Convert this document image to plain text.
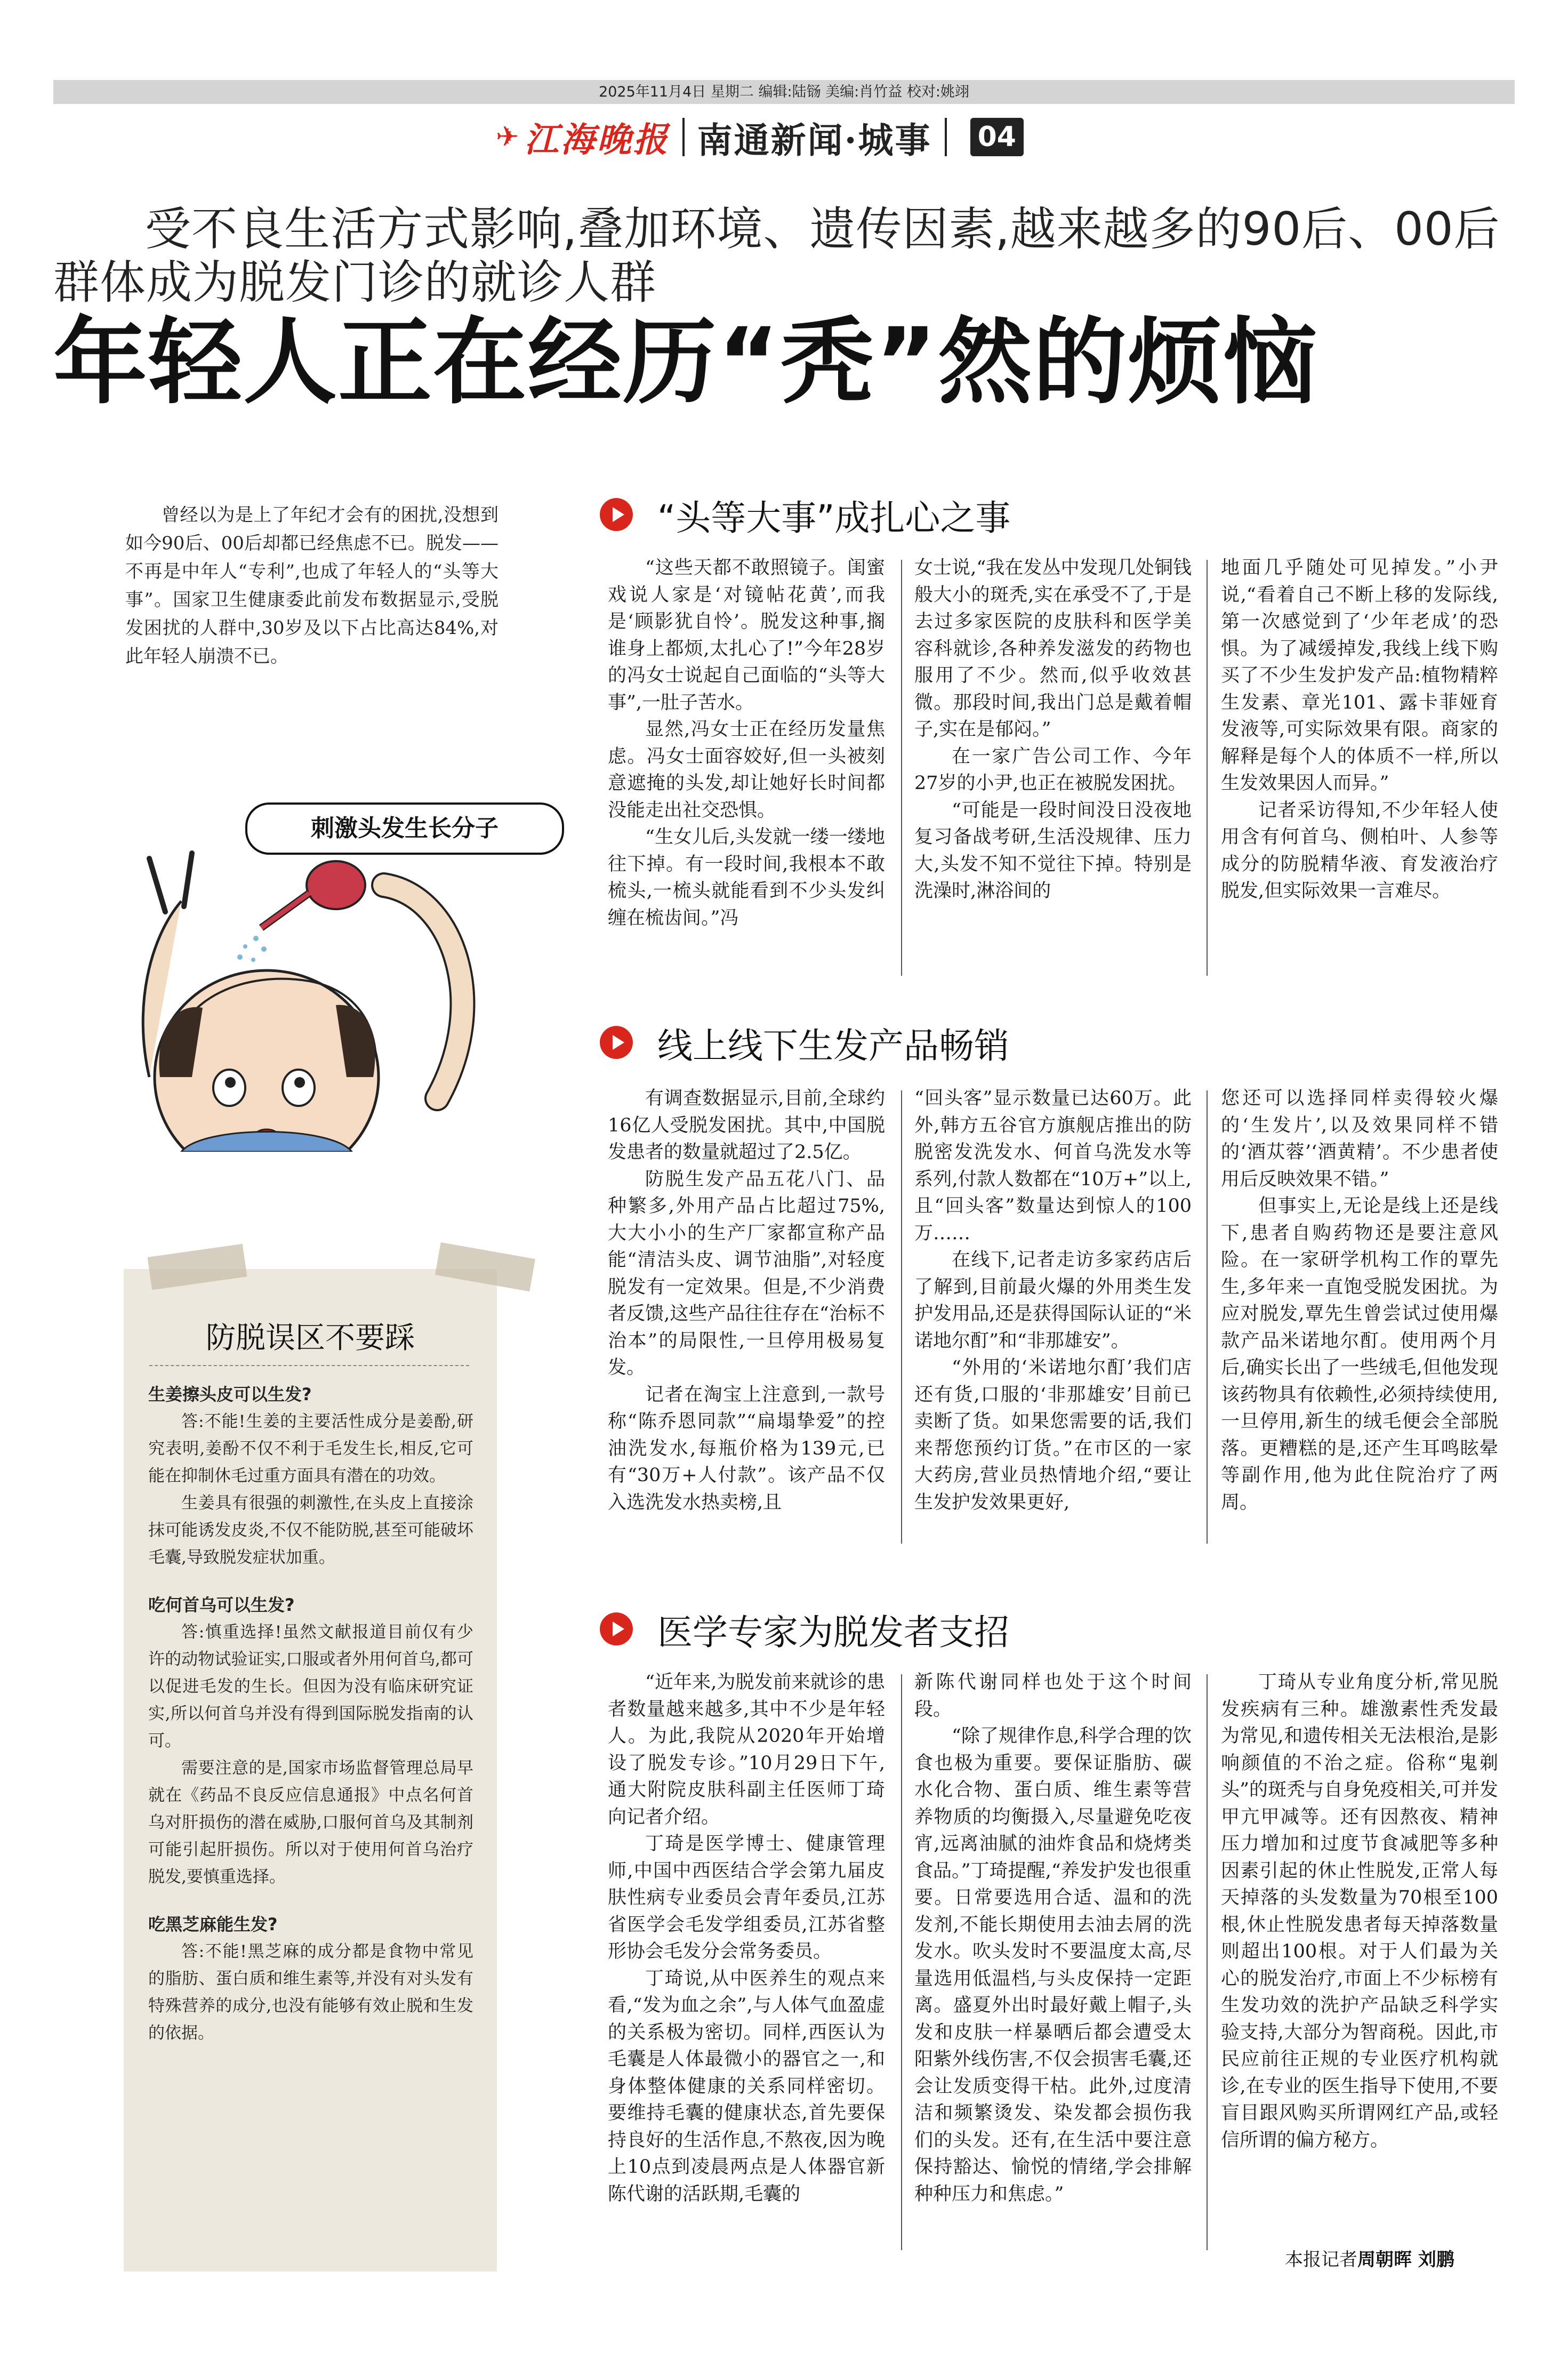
2025年11月4日 星期二 编辑:陆铴 美编:肖竹益 校对:姚翊
✈ 江海晚报 南通新闻·城事 04
受不良生活方式影响,叠加环境、遗传因素,越来越多的90后、00后群体成为脱发门诊的就诊人群
年轻人正在经历“秃”然的烦恼

曾经以为是上了年纪才会有的困扰,没想到如今90后、00后却都已经焦虑不已。脱发——不再是中年人“专利”,也成了年轻人的“头等大事”。国家卫生健康委此前发布数据显示,受脱发困扰的人群中,30岁及以下占比高达84%,对此年轻人崩溃不已。

刺激头发生长分子
“头等大事”成扎心之事

“这些天都不敢照镜子。闺蜜戏说人家是‘对镜帖花黄’,而我是‘顾影犹自怜’。脱发这种事,搁谁身上都烦,太扎心了!”今年28岁的冯女士说起自己面临的“头等大事”,一肚子苦水。

显然,冯女士正在经历发量焦虑。冯女士面容姣好,但一头被刻意遮掩的头发,却让她好长时间都没能走出社交恐惧。

“生女儿后,头发就一缕一缕地往下掉。有一段时间,我根本不敢梳头,一梳头就能看到不少头发纠缠在梳齿间。”冯

女士说,“我在发丛中发现几处铜钱般大小的斑秃,实在承受不了,于是去过多家医院的皮肤科和医学美容科就诊,各种养发滋发的药物也服用了不少。然而,似乎收效甚微。那段时间,我出门总是戴着帽子,实在是郁闷。”

在一家广告公司工作、今年27岁的小尹,也正在被脱发困扰。

“可能是一段时间没日没夜地复习备战考研,生活没规律、压力大,头发不知不觉往下掉。特别是洗澡时,淋浴间的

地面几乎随处可见掉发。”小尹说,“看着自己不断上移的发际线,第一次感觉到了‘少年老成’的恐惧。为了减缓掉发,我线上线下购买了不少生发护发产品:植物精粹生发素、章光101、露卡菲娅育发液等,可实际效果有限。商家的解释是每个人的体质不一样,所以生发效果因人而异。”

记者采访得知,不少年轻人使用含有何首乌、侧柏叶、人参等成分的防脱精华液、育发液治疗脱发,但实际效果一言难尽。

线上线下生发产品畅销

有调查数据显示,目前,全球约16亿人受脱发困扰。其中,中国脱发患者的数量就超过了2.5亿。

防脱生发产品五花八门、品种繁多,外用产品占比超过75%,大大小小的生产厂家都宣称产品能“清洁头皮、调节油脂”,对轻度脱发有一定效果。但是,不少消费者反馈,这些产品往往存在“治标不治本”的局限性,一旦停用极易复发。

记者在淘宝上注意到,一款号称“陈乔恩同款”“扁塌挚爱”的控油洗发水,每瓶价格为139元,已有“30万+人付款”。该产品不仅入选洗发水热卖榜,且

“回头客”显示数量已达60万。此外,韩方五谷官方旗舰店推出的防脱密发洗发水、何首乌洗发水等系列,付款人数都在“10万+”以上,且“回头客”数量达到惊人的100万……

在线下,记者走访多家药店后了解到,目前最火爆的外用类生发护发用品,还是获得国际认证的“米诺地尔酊”和“非那雄安”。

“外用的‘米诺地尔酊’我们店还有货,口服的‘非那雄安’目前已卖断了货。如果您需要的话,我们来帮您预约订货。”在市区的一家大药房,营业员热情地介绍,“要让生发护发效果更好,

您还可以选择同样卖得较火爆的‘生发片’,以及效果同样不错的‘酒苁蓉’‘酒黄精’。不少患者使用后反映效果不错。”

但事实上,无论是线上还是线下,患者自购药物还是要注意风险。在一家研学机构工作的覃先生,多年来一直饱受脱发困扰。为应对脱发,覃先生曾尝试过使用爆款产品米诺地尔酊。使用两个月后,确实长出了一些绒毛,但他发现该药物具有依赖性,必须持续使用,一旦停用,新生的绒毛便会全部脱落。更糟糕的是,还产生耳鸣眩晕等副作用,他为此住院治疗了两周。

医学专家为脱发者支招

“近年来,为脱发前来就诊的患者数量越来越多,其中不少是年轻人。为此,我院从2020年开始增设了脱发专诊。”10月29日下午,通大附院皮肤科副主任医师丁琦向记者介绍。

丁琦是医学博士、健康管理师,中国中西医结合学会第九届皮肤性病专业委员会青年委员,江苏省医学会毛发学组委员,江苏省整形协会毛发分会常务委员。

丁琦说,从中医养生的观点来看,“发为血之余”,与人体气血盈虚的关系极为密切。同样,西医认为毛囊是人体最微小的器官之一,和身体整体健康的关系同样密切。要维持毛囊的健康状态,首先要保持良好的生活作息,不熬夜,因为晚上10点到凌晨两点是人体器官新陈代谢的活跃期,毛囊的

新陈代谢同样也处于这个时间段。

“除了规律作息,科学合理的饮食也极为重要。要保证脂肪、碳水化合物、蛋白质、维生素等营养物质的均衡摄入,尽量避免吃夜宵,远离油腻的油炸食品和烧烤类食品。”丁琦提醒,“养发护发也很重要。日常要选用合适、温和的洗发剂,不能长期使用去油去屑的洗发水。吹头发时不要温度太高,尽量选用低温档,与头皮保持一定距离。盛夏外出时最好戴上帽子,头发和皮肤一样暴晒后都会遭受太阳紫外线伤害,不仅会损害毛囊,还会让发质变得干枯。此外,过度清洁和频繁烫发、染发都会损伤我们的头发。还有,在生活中要注意保持豁达、愉悦的情绪,学会排解种种压力和焦虑。”

丁琦从专业角度分析,常见脱发疾病有三种。雄激素性秃发最为常见,和遗传相关无法根治,是影响颜值的不治之症。俗称“鬼剃头”的斑秃与自身免疫相关,可并发甲亢甲减等。还有因熬夜、精神压力增加和过度节食减肥等多种因素引起的休止性脱发,正常人每天掉落的头发数量为70根至100根,休止性脱发患者每天掉落数量则超出100根。对于人们最为关心的脱发治疗,市面上不少标榜有生发功效的洗护产品缺乏科学实验支持,大部分为智商税。因此,市民应前往正规的专业医疗机构就诊,在专业的医生指导下使用,不要盲目跟风购买所谓网红产品,或轻信所谓的偏方秘方。

防脱误区不要踩
生姜擦头皮可以生发?

答:不能!生姜的主要活性成分是姜酚,研究表明,姜酚不仅不利于毛发生长,相反,它可能在抑制休毛过重方面具有潜在的功效。

生姜具有很强的刺激性,在头皮上直接涂抹可能诱发皮炎,不仅不能防脱,甚至可能破坏毛囊,导致脱发症状加重。

吃何首乌可以生发?

答:慎重选择!虽然文献报道目前仅有少许的动物试验证实,口服或者外用何首乌,都可以促进毛发的生长。但因为没有临床研究证实,所以何首乌并没有得到国际脱发指南的认可。

需要注意的是,国家市场监督管理总局早就在《药品不良反应信息通报》中点名何首乌对肝损伤的潜在威胁,口服何首乌及其制剂可能引起肝损伤。所以对于使用何首乌治疗脱发,要慎重选择。

吃黑芝麻能生发?

答:不能!黑芝麻的成分都是食物中常见的脂肪、蛋白质和维生素等,并没有对头发有特殊营养的成分,也没有能够有效止脱和生发的依据。

本报记者周朝晖 刘鹏
